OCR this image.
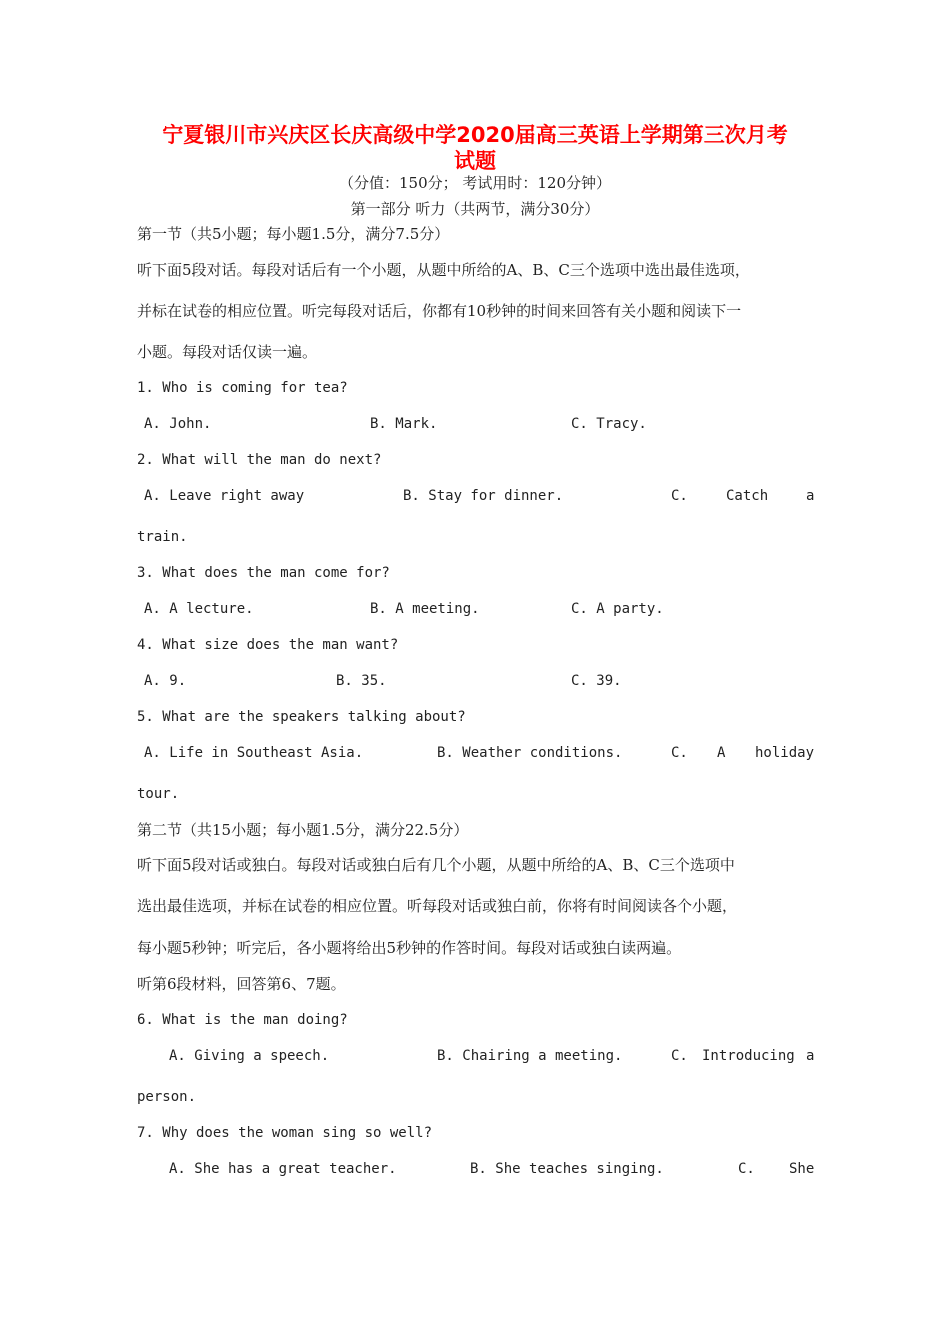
宁夏银川市兴庆区长庆高级中学2020届高三英语上学期第三次月考
试题
（分值：150分； 考试用时：120分钟）
第一部分 听力（共两节，满分30分）
第一节（共5小题；每小题1.5分，满分7.5分）
听下面5段对话。每段对话后有一个小题，从题中所给的A、B、C三个选项中选出最佳选项，
并标在试卷的相应位置。听完每段对话后，你都有10秒钟的时间来回答有关小题和阅读下一
小题。每段对话仅读一遍。
1. Who is coming for tea?
A. John.	B. Mark.	C. Tracy.
2. What will the man do next?
A. Leave right away	B. Stay for dinner.	C.	Catch	a
train.
3. What does the man come for?
A. A lecture.	B. A meeting.	C. A party.
4. What size does the man want?
A. 9.	B. 35.	C. 39.
5. What are the speakers talking about?
A. Life in Southeast Asia.	B. Weather conditions.	C. A holiday
tour.
第二节（共15小题；每小题1.5分，满分22.5分）
听下面5段对话或独白。每段对话或独白后有几个小题，从题中所给的A、B、C三个选项中
选出最佳选项，并标在试卷的相应位置。听每段对话或独白前，你将有时间阅读各个小题，
每小题5秒钟；听完后，各小题将给出5秒钟的作答时间。每段对话或独白读两遍。
听第6段材料，回答第6、7题。
6. What is the man doing?
A. Giving a speech.	B. Chairing a meeting.	C. Introducing a
person.
7. Why does the woman sing so well?
A. She has a great teacher.	B. She teaches singing.	C. She
